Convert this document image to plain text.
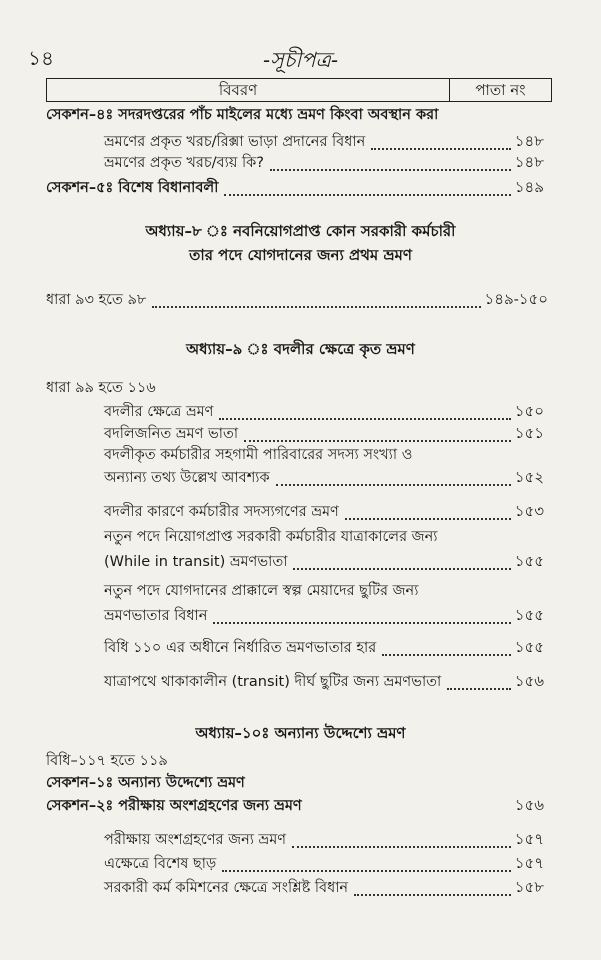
১৪	-সূচীপত্র-
বিবরণ	পাতা নং
সেকশন–৪ঃ সদরদপ্তরের পাঁচ মাইলের মধ্যে ভ্রমণ কিংবা অবস্থান করা
ভ্রমণের প্রকৃত খরচ/রিক্সা ভাড়া প্রদানের বিধান	১৪৮
ভ্রমণের প্রকৃত খরচ/ব্যয় কি?	১৪৮
সেকশন–৫ঃ বিশেষ বিধানাবলী	১৪৯
অধ্যায়–৮ ঃ নবনিয়োগপ্রাপ্ত কোন সরকারী কর্মচারী
তার পদে যোগদানের জন্য প্রথম ভ্রমণ
ধারা ৯৩ হতে ৯৮	১৪৯-১৫০
অধ্যায়–৯ ঃ বদলীর ক্ষেত্রে কৃত ভ্রমণ
ধারা ৯৯ হতে ১১৬
বদলীর ক্ষেত্রে ভ্রমণ	১৫০
বদলিজনিত ভ্রমণ ভাতা	১৫১
বদলীকৃত কর্মচারীর সহগামী পারিবারের সদস্য সংখ্যা ও
অন্যান্য তথ্য উল্লেখ আবশ্যক	১৫২
বদলীর কারণে কর্মচারীর সদস্যগণের ভ্রমণ	১৫৩
নতুন পদে নিয়োগপ্রাপ্ত সরকারী কর্মচারীর যাত্রাকালের জন্য
(While in transit) ভ্রমণভাতা	১৫৫
নতুন পদে যোগদানের প্রাক্কালে স্বল্প মেয়াদের ছুটির জন্য
ভ্রমণভাতার বিধান	১৫৫
বিধি ১১০ এর অধীনে নির্ধারিত ভ্রমণভাতার হার	১৫৫
যাত্রাপথে থাকাকালীন (transit) দীর্ঘ ছুটির জন্য ভ্রমণভাতা	১৫৬
অধ্যায়–১০ঃ অন্যান্য উদ্দেশ্যে ভ্রমণ
বিধি–১১৭ হতে ১১৯
সেকশন–১ঃ অন্যান্য উদ্দেশ্যে ভ্রমণ
সেকশন–২ঃ পরীক্ষায় অংশগ্রহণের জন্য ভ্রমণ	১৫৬
পরীক্ষায় অংশগ্রহণের জন্য ভ্রমণ	১৫৭
এক্ষেত্রে বিশেষ ছাড়	১৫৭
সরকারী কর্ম কমিশনের ক্ষেত্রে সংশ্লিষ্ট বিধান	১৫৮
